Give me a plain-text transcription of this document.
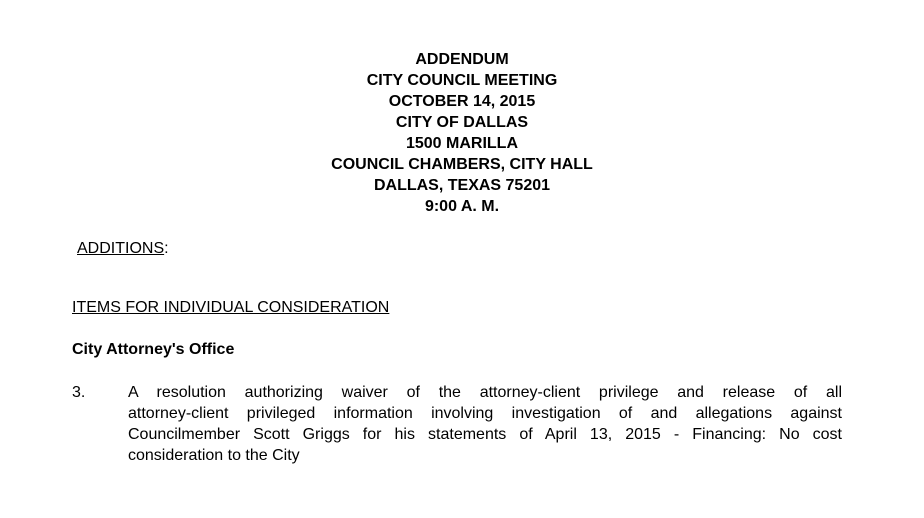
ADDENDUM
CITY COUNCIL MEETING
OCTOBER 14, 2015
CITY OF DALLAS
1500 MARILLA
COUNCIL CHAMBERS, CITY HALL
DALLAS, TEXAS 75201
9:00 A. M.
ADDITIONS:
ITEMS FOR INDIVIDUAL CONSIDERATION
City Attorney's Office
3.	A resolution authorizing waiver of the attorney-client privilege and release of all
attorney-client privileged information involving investigation of and allegations against
Councilmember Scott Griggs for his statements of April 13, 2015 - Financing: No cost
consideration to the City
